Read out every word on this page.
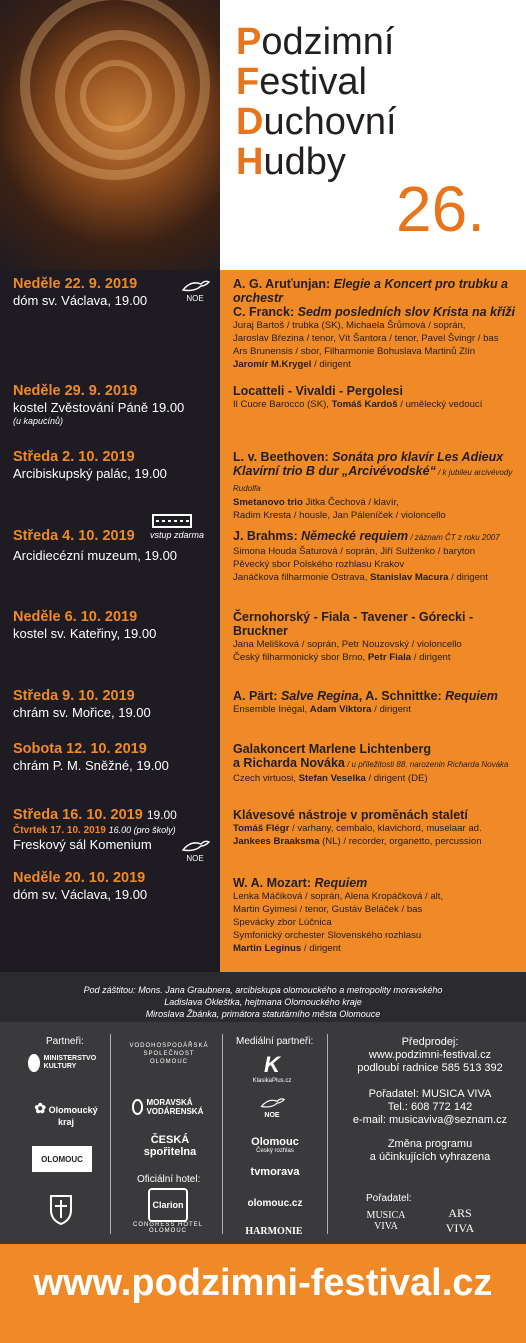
Podzimní
Festival
Duchovní
Hudby
26.
Neděle 22. 9. 2019
dóm sv. Václava, 19.00	NOE
A. G. Aruťunjan: Elegie a Koncert pro trubku a orchestr
C. Franck: Sedm posledních slov Krista na kříži
Juraj Bartoš / trubka (SK), Michaela Šrůmová / soprán,
Jaroslav Březina / tenor, Vít Šantora / tenor, Pavel Švingr / bas
Ars Brunensis / sbor, Filharmonie Bohuslava Martinů Zlín
Jaromír M.Krygel / dirigent
Neděle 29. 9. 2019
kostel Zvěstování Páně 19.00
(u kapucínů)
Locatteli - Vivaldi - Pergolesi
Il Cuore Barocco (SK), Tomáš Kardoš / umělecký vedoucí
Středa 2. 10. 2019
Arcibiskupský palác, 19.00
L. v. Beethoven: Sonáta pro klavír Les Adieux
Klavírní trio B dur „Arcivévodské“ / k jubileu arcivévody Rudolfa
Smetanovo trio Jitka Čechová / klavír,
Radim Kresta / housle, Jan Páleníček / violoncello
Středa 4. 10. 2019
Arcidiecézní muzeum, 19.00
vstup zdarma J. Brahms: Německé requiem / záznam ČT z roku 2007
Simona Houda Šaturová / soprán, Jiří Sulženko / baryton
Pěvecký sbor Polského rozhlasu Krakov
Janáčkova filharmonie Ostrava, Stanislav Macura / dirigent
Neděle 6. 10. 2019
kostel sv. Kateřiny, 19.00
Černohorský - Fiala - Tavener - Górecki - Bruckner
Jana Melišková / soprán, Petr Nouzovský / violoncello
Český filharmonický sbor Brno, Petr Fiala / dirigent
Středa 9. 10. 2019
chrám sv. Mořice, 19.00
A. Pärt: Salve Regina, A. Schnittke: Requiem
Ensemble Inégal, Adam Viktora / dirigent
Sobota 12. 10. 2019
chrám P. M. Sněžné, 19.00
Galakoncert Marlene Lichtenberg
a Richarda Nováka / u příležitosti 88. narozenin Richarda Nováka
Czech virtuosi, Stefan Veselka / dirigent (DE)
Středa 16. 10. 2019 19.00
Čtvrtek 17. 10. 2019 16.00 (pro školy)
Freskový sál Komenium
NOE
Klávesové nástroje v proměnách staletí
Tomáš Flégr / varhany, cembalo, klavichord, muselaar ad.
Jankees Braaksma (NL) / recorder, organetto, percussion
Neděle 20. 10. 2019
dóm sv. Václava, 19.00
W. A. Mozart: Requiem
Lenka Máčiková / soprán, Alena Kropáčková / alt,
Martin Gyimesi / tenor, Gustáv Beláček / bas
Spevácky zbor Lúčnica
Symfonický orchester Slovenského rozhlasu
Martin Leginus / dirigent
Pod záštitou: Mons. Jana Graubnera, arcibiskupa olomouckého a metropolity moravského
Ladislava Okleštka, hejtmana Olomouckého kraje
Miroslava Žbánka, primátora statutárního města Olomouce
Partneři:	Mediální partneři:
Oficiální hotel:
Pořadatel:
MINISTERSTVO KULTURY
✿ Olomoucký kraj
OLOMOUC
VODOHOSPODÁŘSKÁ SPOLEČNOST OLOMOUC
MORAVSKÁ VODÁRENSKÁ
ČESKÁ spořitelna
Clarion
CONGRESS HOTEL OLOMOUC
K
KlasikaPlus.cz
NOE
Olomouc
Český rozhlas
tvmorava
olomouc.cz
HARMONIE
Předprodej:
www.podzimni-festival.cz
podloubí radnice 585 513 392
Pořadatel: MUSICA VIVA
Tel.: 608 772 142
e-mail: musicaviva@seznam.cz
Změna programu
a účinkujících vyhrazena
MUSICA VIVA
ARS VIVA
www.podzimni-festival.cz
